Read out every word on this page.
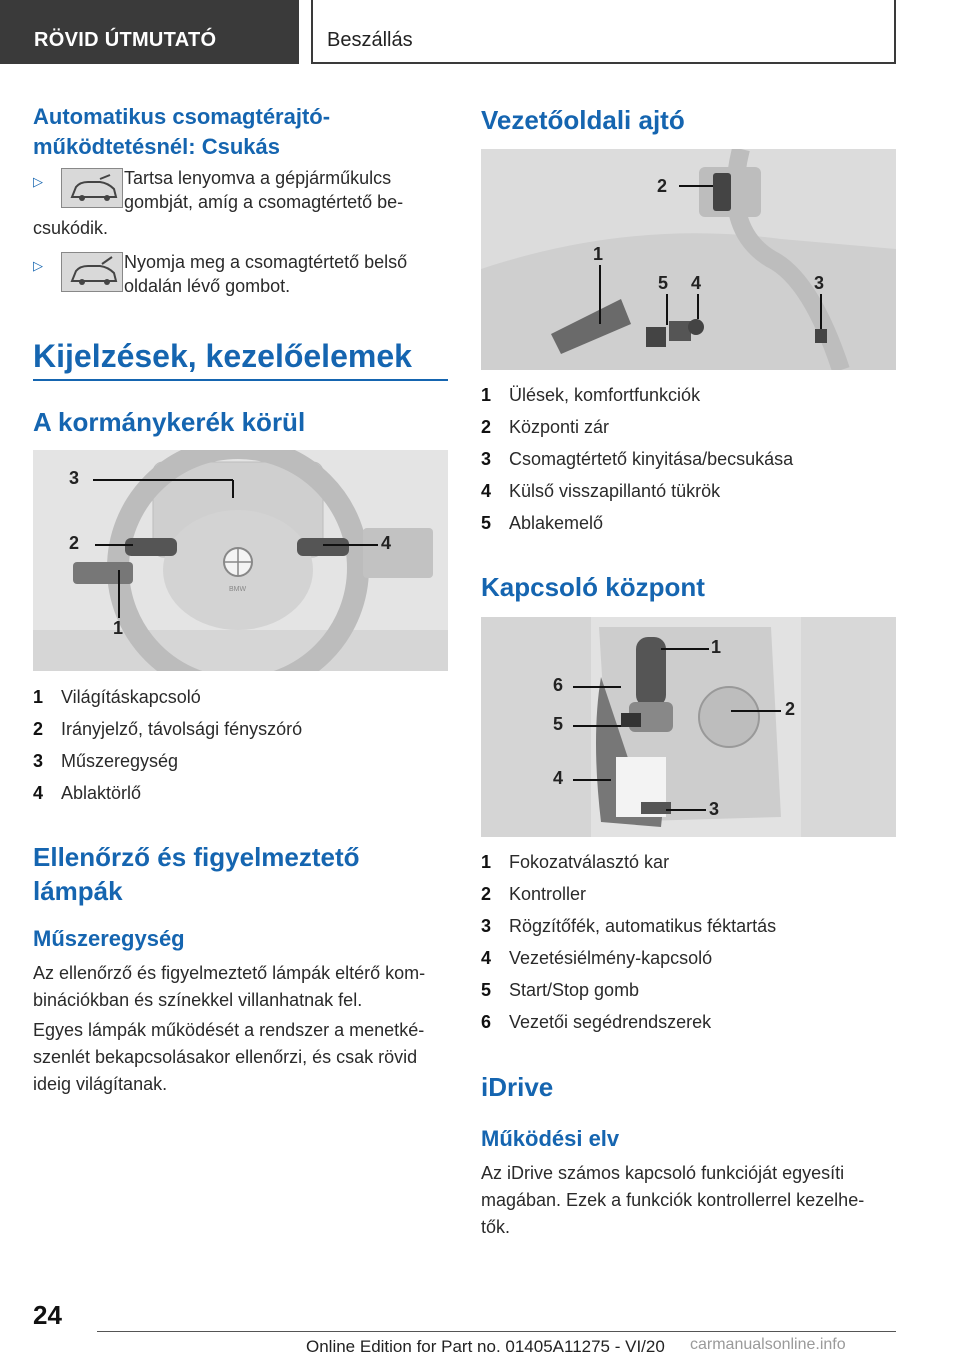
RÖVID ÚTMUTATÓ	Beszállás
Automatikus csomagtérajtó-
működtetésnél: Csukás
▷	Tartsa lenyomva a gépjárműkulcs
gombját, amíg a csomagtértető be-
csukódik.
▷	Nyomja meg a csomagtértető belső
oldalán lévő gombot.
Kijelzések, kezelőelemek
A kormánykerék körül
3
2	4
1
BMW
1 Világításkapcsoló
2 Irányjelző, távolsági fényszóró
3 Műszeregység
4 Ablaktörlő
Ellenőrző és figyelmeztető
lámpák
Műszeregység
Az ellenőrző és figyelmeztető lámpák eltérő kom-
binációkban és színekkel villanhatnak fel.
Egyes lámpák működését a rendszer a menetké-
szenlét bekapcsolásakor ellenőrzi, és csak rövid
ideig világítanak.
Vezetőoldali ajtó
2
1
5 4	3
1 Ülések, komfortfunkciók
2 Központi zár
3 Csomagtértető kinyitása/becsukása
4 Külső visszapillantó tükrök
5 Ablakemelő
Kapcsoló központ
1
6
2
5
4
3
1 Fokozatválasztó kar
2 Kontroller
3 Rögzítőfék, automatikus féktartás
4 Vezetésiélmény-kapcsoló
5 Start/Stop gomb
6 Vezetői segédrendszerek
iDrive
Működési elv
Az iDrive számos kapcsoló funkcióját egyesíti
magában. Ezek a funkciók kontrollerrel kezelhe-
tők.
24
Online Edition for Part no. 01405A11275 - VI/20 carmanualsonline.info
